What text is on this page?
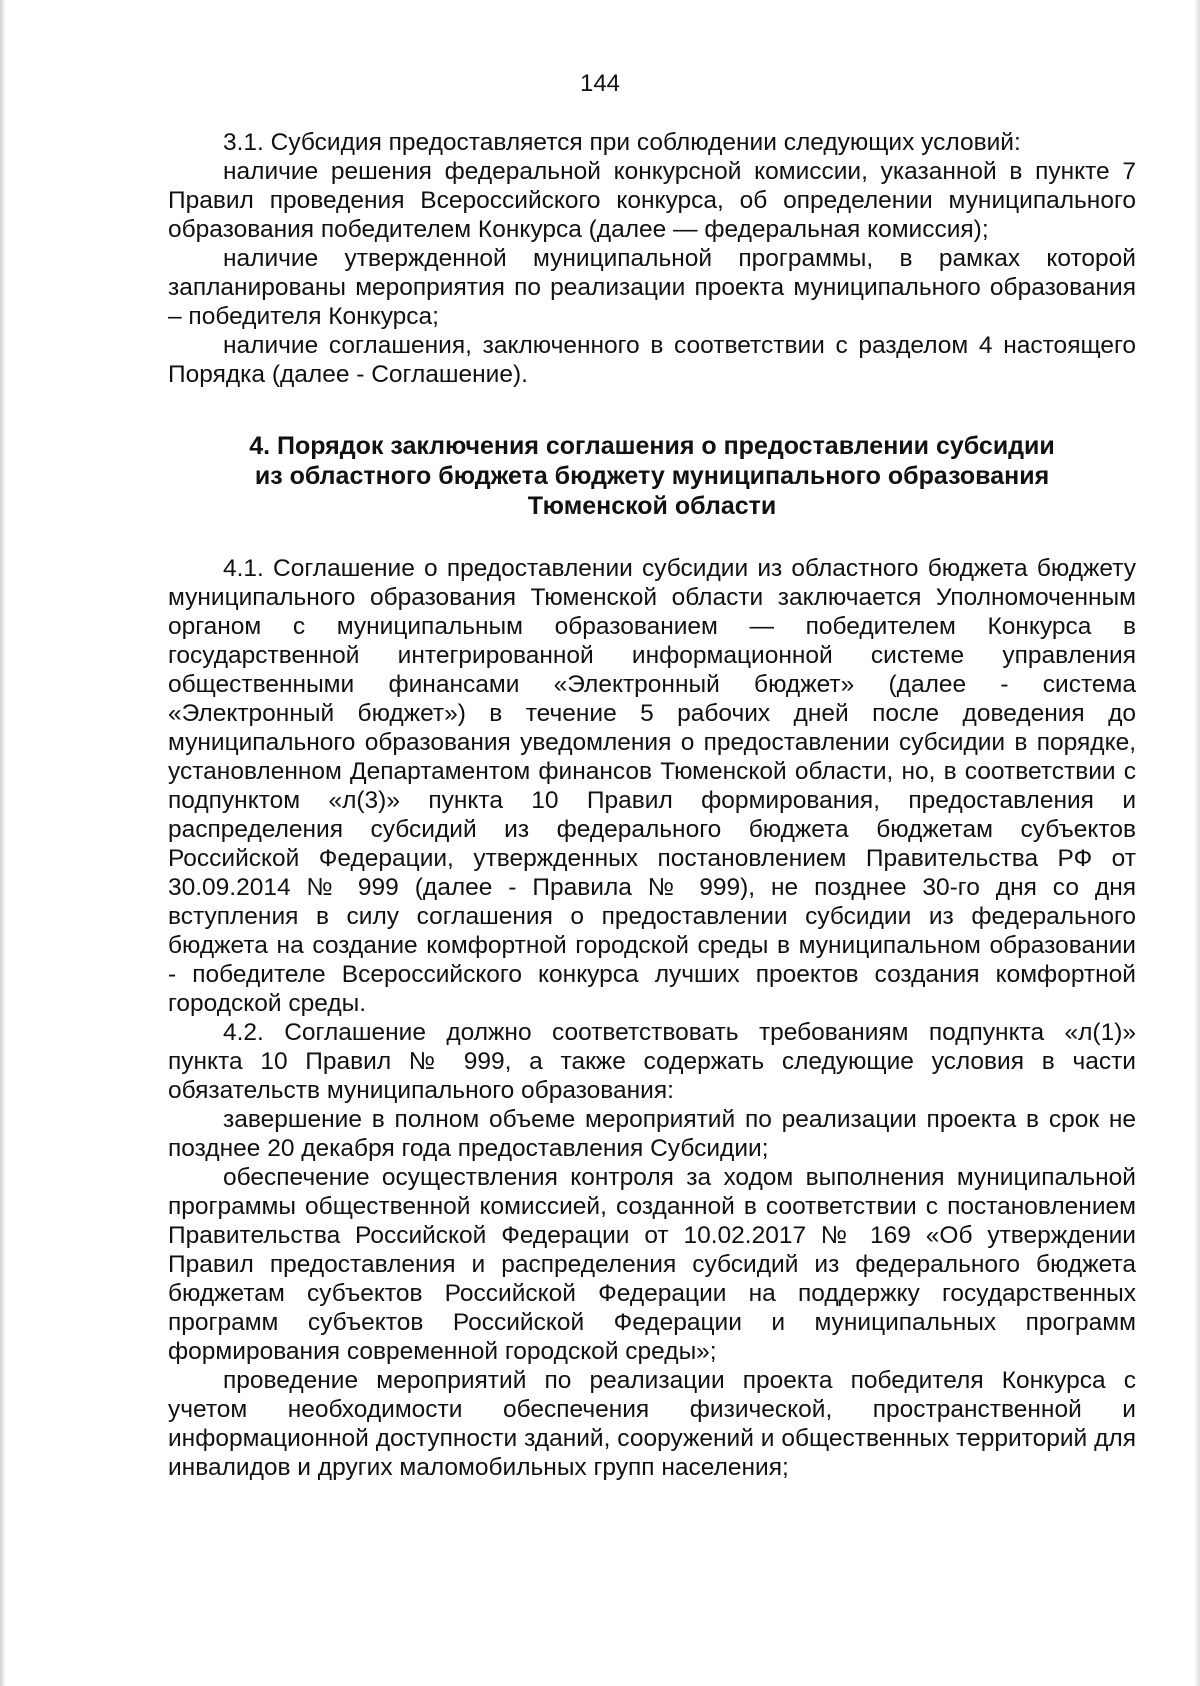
144

3.1. Субсидия предоставляется при соблюдении следующих условий:

наличие решения федеральной конкурсной комиссии, указанной в пункте 7 Правил проведения Всероссийского конкурса, об определении муниципального образования победителем Конкурса (далее — федеральная комиссия);

наличие утвержденной муниципальной программы, в рамках которой запланированы мероприятия по реализации проекта муниципального образования – победителя Конкурса;

наличие соглашения, заключенного в соответствии с разделом 4 настоящего Порядка (далее - Соглашение).

4. Порядок заключения соглашения о предоставлении субсидии
из областного бюджета бюджету муниципального образования
Тюменской области

4.1. Соглашение о предоставлении субсидии из областного бюджета бюджету муниципального образования Тюменской области заключается Уполномоченным органом с муниципальным образованием — победителем Конкурса в государственной интегрированной информационной системе управления общественными финансами «Электронный бюджет» (далее - система «Электронный бюджет») в течение 5 рабочих дней после доведения до муниципального образования уведомления о предоставлении субсидии в порядке, установленном Департаментом финансов Тюменской области, но, в соответствии с подпунктом «л(3)» пункта 10 Правил формирования, предоставления и распределения субсидий из федерального бюджета бюджетам субъектов Российской Федерации, утвержденных постановлением Правительства РФ от 30.09.2014 № 999 (далее - Правила № 999), не позднее 30-го дня со дня вступления в силу соглашения о предоставлении субсидии из федерального бюджета на создание комфортной городской среды в муниципальном образовании - победителе Всероссийского конкурса лучших проектов создания комфортной городской среды.

4.2. Соглашение должно соответствовать требованиям подпункта «л(1)» пункта 10 Правил № 999, а также содержать следующие условия в части обязательств муниципального образования:

завершение в полном объеме мероприятий по реализации проекта в срок не позднее 20 декабря года предоставления Субсидии;

обеспечение осуществления контроля за ходом выполнения муниципальной программы общественной комиссией, созданной в соответствии с постановлением Правительства Российской Федерации от 10.02.2017 № 169 «Об утверждении Правил предоставления и распределения субсидий из федерального бюджета бюджетам субъектов Российской Федерации на поддержку государственных программ субъектов Российской Федерации и муниципальных программ формирования современной городской среды»;

проведение мероприятий по реализации проекта победителя Конкурса с учетом необходимости обеспечения физической, пространственной и информационной доступности зданий, сооружений и общественных территорий для инвалидов и других маломобильных групп населения;
